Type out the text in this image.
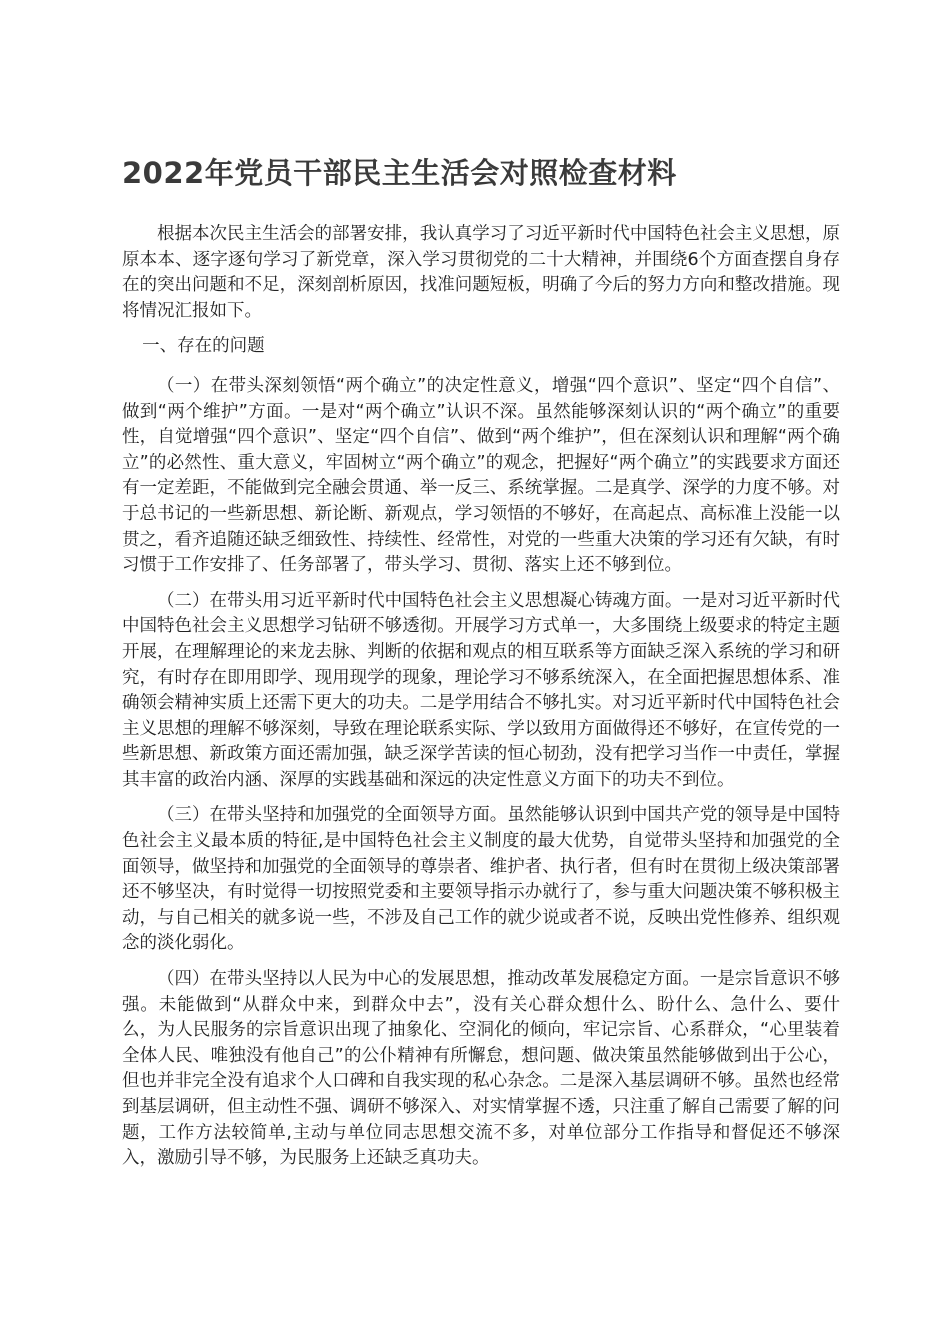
2022年党员干部民主生活会对照检查材料

根据本次民主生活会的部署安排，我认真学习了习近平新时代中国特色社会主义思想，原原本本、逐字逐句学习了新党章，深入学习贯彻党的二十大精神，并围绕6个方面查摆自身存在的突出问题和不足，深刻剖析原因，找准问题短板，明确了今后的努力方向和整改措施。现将情况汇报如下。

一、存在的问题

（一）在带头深刻领悟“两个确立”的决定性意义，增强“四个意识”、坚定“四个自信”、做到“两个维护”方面。一是对“两个确立”认识不深。虽然能够深刻认识的“两个确立”的重要性，自觉增强“四个意识”、坚定“四个自信”、做到“两个维护”，但在深刻认识和理解“两个确立”的必然性、重大意义，牢固树立“两个确立”的观念，把握好“两个确立”的实践要求方面还有一定差距，不能做到完全融会贯通、举一反三、系统掌握。二是真学、深学的力度不够。对于总书记的一些新思想、新论断、新观点，学习领悟的不够好，在高起点、高标准上没能一以贯之，看齐追随还缺乏细致性、持续性、经常性，对党的一些重大决策的学习还有欠缺，有时习惯于工作安排了、任务部署了，带头学习、贯彻、落实上还不够到位。

（二）在带头用习近平新时代中国特色社会主义思想凝心铸魂方面。一是对习近平新时代中国特色社会主义思想学习钻研不够透彻。开展学习方式单一，大多围绕上级要求的特定主题开展，在理解理论的来龙去脉、判断的依据和观点的相互联系等方面缺乏深入系统的学习和研究，有时存在即用即学、现用现学的现象，理论学习不够系统深入，在全面把握思想体系、准确领会精神实质上还需下更大的功夫。二是学用结合不够扎实。对习近平新时代中国特色社会主义思想的理解不够深刻，导致在理论联系实际、学以致用方面做得还不够好，在宣传党的一些新思想、新政策方面还需加强，缺乏深学苦读的恒心韧劲，没有把学习当作一中责任，掌握其丰富的政治内涵、深厚的实践基础和深远的决定性意义方面下的功夫不到位。

（三）在带头坚持和加强党的全面领导方面。虽然能够认识到中国共产党的领导是中国特色社会主义最本质的特征,是中国特色社会主义制度的最大优势，自觉带头坚持和加强党的全面领导，做坚持和加强党的全面领导的尊崇者、维护者、执行者，但有时在贯彻上级决策部署还不够坚决，有时觉得一切按照党委和主要领导指示办就行了，参与重大问题决策不够积极主动，与自己相关的就多说一些，不涉及自己工作的就少说或者不说，反映出党性修养、组织观念的淡化弱化。

（四）在带头坚持以人民为中心的发展思想，推动改革发展稳定方面。一是宗旨意识不够强。未能做到“从群众中来，到群众中去”，没有关心群众想什么、盼什么、急什么、要什么，为人民服务的宗旨意识出现了抽象化、空洞化的倾向，牢记宗旨、心系群众，“心里装着全体人民、唯独没有他自己”的公仆精神有所懈怠，想问题、做决策虽然能够做到出于公心，但也并非完全没有追求个人口碑和自我实现的私心杂念。二是深入基层调研不够。虽然也经常到基层调研，但主动性不强、调研不够深入、对实情掌握不透，只注重了解自己需要了解的问题，工作方法较简单,主动与单位同志思想交流不多，对单位部分工作指导和督促还不够深入，激励引导不够，为民服务上还缺乏真功夫。
